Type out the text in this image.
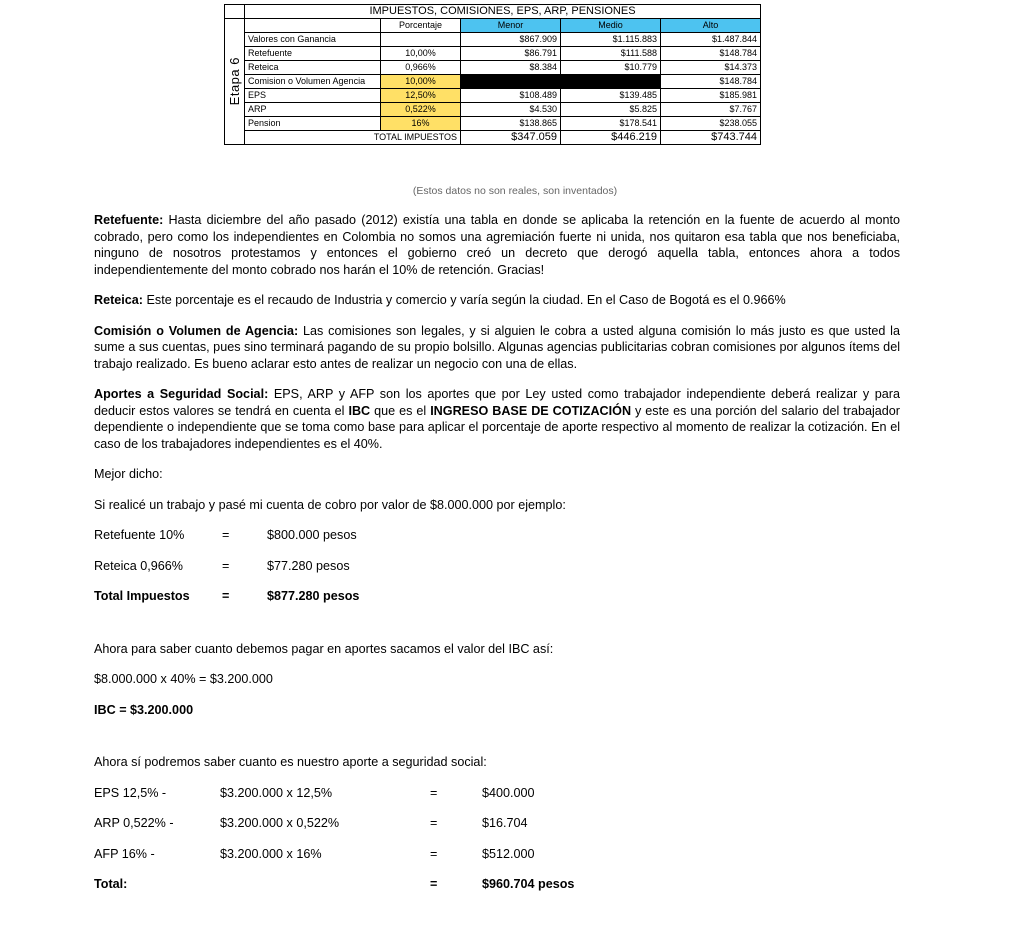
	IMPUESTOS, COMISIONES, EPS, ARP, PENSIONES				
Etapa 6		Porcentaje	Menor	Medio	Alto
	Valores con Ganancia		$867.909	$1.115.883	$1.487.844
	Retefuente	10,00%	$86.791	$111.588	$148.784
	Reteica	0,966%	$8.384	$10.779	$14.373
	Comision o Volumen Agencia	10,00%			$148.784
	EPS	12,50%	$108.489	$139.485	$185.981
	ARP	0,522%	$4.530	$5.825	$7.767
	Pension	16%	$138.865	$178.541	$238.055
	TOTAL IMPUESTOS		$347.059	$446.219	$743.744
(Estos datos no son reales, son inventados)

Retefuente: Hasta diciembre del año pasado (2012) existía una tabla en donde se aplicaba la retención en la fuente de acuerdo al monto cobrado, pero como los independientes en Colombia no somos una agremiación fuerte ni unida, nos quitaron esa tabla que nos beneficiaba, ninguno de nosotros protestamos y entonces el gobierno creó un decreto que derogó aquella tabla, entonces ahora a todos independientemente del monto cobrado nos harán el 10% de retención. Gracias!

Reteica: Este porcentaje es el recaudo de Industria y comercio y varía según la ciudad. En el Caso de Bogotá es el 0.966%

Comisión o Volumen de Agencia: Las comisiones son legales, y si alguien le cobra a usted alguna comisión lo más justo es que usted la sume a sus cuentas, pues sino terminará pagando de su propio bolsillo. Algunas agencias publicitarias cobran comisiones por algunos ítems del trabajo realizado. Es bueno aclarar esto antes de realizar un negocio con una de ellas.

Aportes a Seguridad Social: EPS, ARP y AFP son los aportes que por Ley usted como trabajador independiente deberá realizar y para deducir estos valores se tendrá en cuenta el IBC que es el INGRESO BASE DE COTIZACIÓN y este es una porción del salario del trabajador dependiente o independiente que se toma como base para aplicar el porcentaje de aporte respectivo al momento de realizar la cotización. En el caso de los trabajadores independientes es el 40%.

Mejor dicho:

Si realicé un trabajo y pasé mi cuenta de cobro por valor de $8.000.000 por ejemplo:

Retefuente 10%	=	$800.000 pesos
Reteica 0,966%	=	$77.280 pesos
Total Impuestos	=	$877.280 pesos

Ahora para saber cuanto debemos pagar en aportes sacamos el valor del IBC así:

$8.000.000 x 40% = $3.200.000

IBC = $3.200.000

Ahora sí podremos saber cuanto es nuestro aporte a seguridad social:

EPS 12,5% -	$3.200.000 x 12,5%	=	$400.000
ARP 0,522% -	$3.200.000 x 0,522%	=	$16.704
AFP 16% -	$3.200.000 x 16%	=	$512.000
Total:	=	$960.704 pesos
